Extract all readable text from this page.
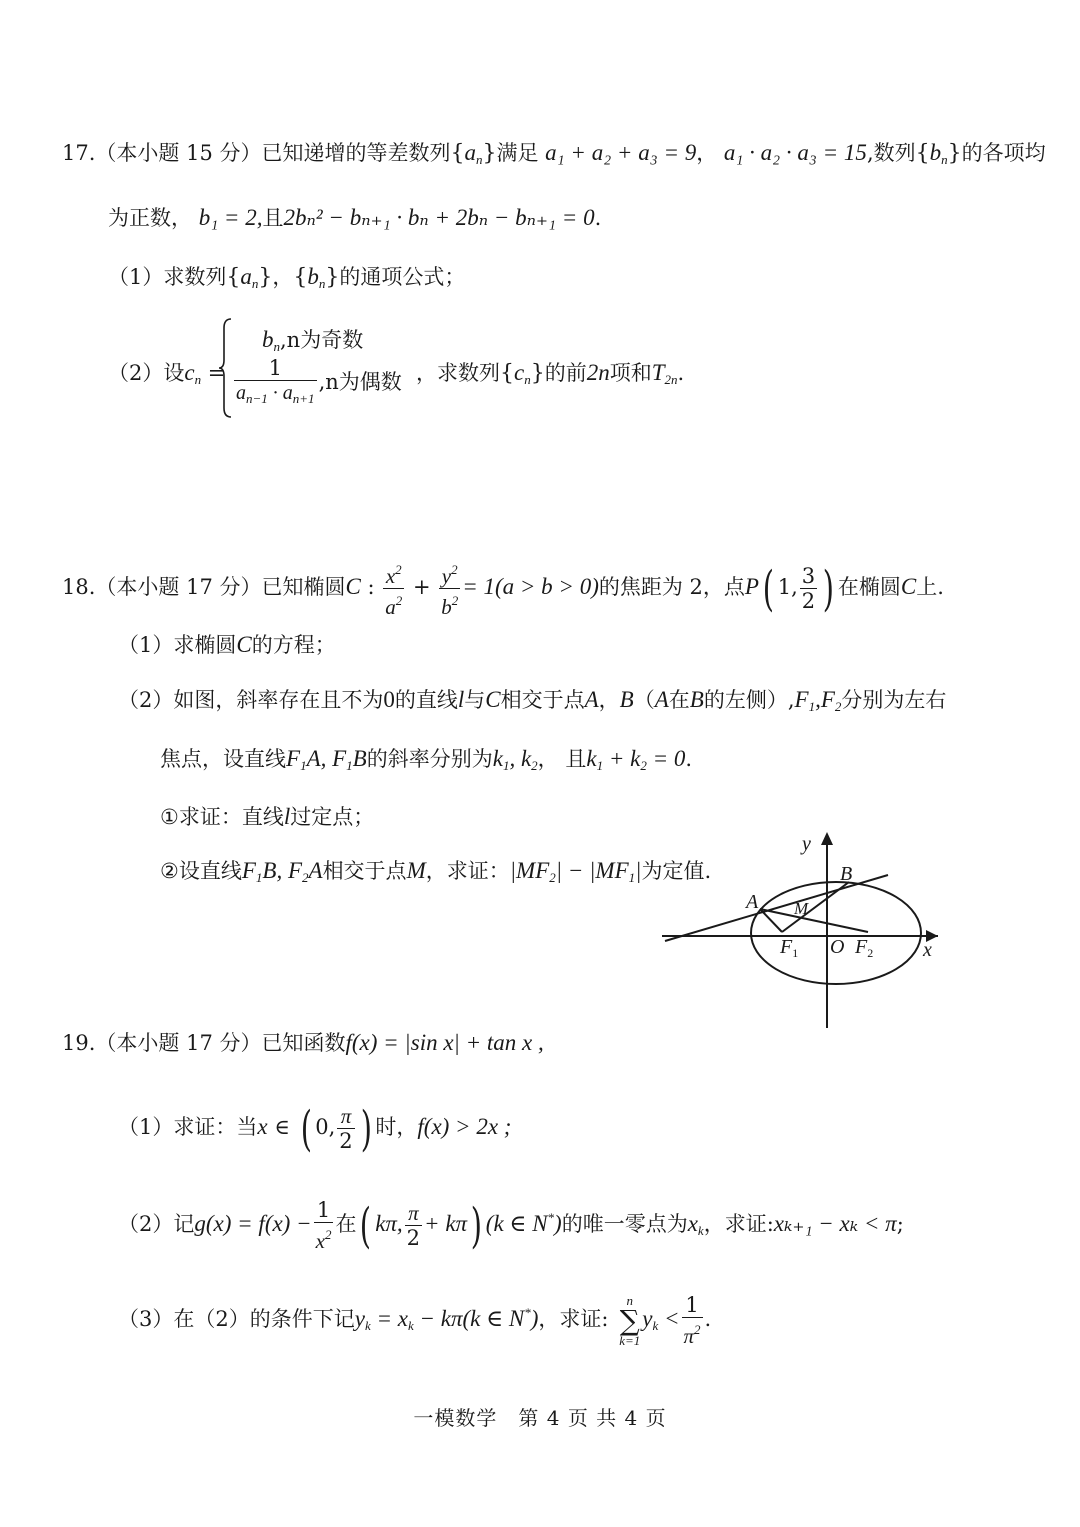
17.（本小题 15 分）已知递增的等差数列$\{a_n\}$满足 a₁ + a₂ + a₃ = 9， a₁ · a₂ · a₃ = 15,数列$\{b_n\}$的各项均
为正数， b₁ = 2,且2bₙ² − bₙ₊₁ · bₙ + 2bₙ − bₙ₊₁ = 0.
（1）求数列$\{a_n\}$，$\{b_n\}$的通项公式；
（2）设$c_n$ =
$b_n,n$为奇数
$\frac{1}{a_{n-1} \cdot a_{n+1}} ,n$为偶数 ，求数列$\{c_n\}$的前2n项和$T_{2n}$.
18.（本小题 17 分）已知椭圆C : $\frac{x^2}{a^2} + \frac{y^2}{b^2} = 1(a > b > 0)$的焦距为 2，点P( 1, $\frac{3}{2}$ ) 在椭圆C上.
（1）求椭圆C的方程；
（2）如图，斜率存在且不为0的直线l与C相交于点A，B（A在B的左侧）$,F_1,F_2$分别为左右
焦点，设直线$F_1A$, $F_1B$的斜率分别为$k_1$, $k_2$， 且$k_1 + k_2 = 0$.
①求证：直线l过定点；
②设直线$F_1B$, $F_2A$相交于点M，求证：$|MF_2| - |MF_1|$为定值.
y
x
O
A
B
M
$F_1$	$F_2$
19.（本小题 17 分）已知函数f(x) = |sin x| + tan x ,
（1）求证：当x ∈ ( 0, $\frac{\pi}{2}$ ) 时，f(x) > 2x ;
（2）记$g(x) = f(x) - \frac{1}{x^2}$ 在( kπ, $\frac{\pi}{2} + k\pi$) (k ∈ N*)的唯一零点为$x_k$，求证:xₖ₊₁ − xₖ < π;
（3）在（2）的条件下记$y_k = x_k - k\pi(k$ ∈ N*)，求证:
n
∑
k=1
$y_k < \frac{1}{\pi^2}$ .
一模数学　第 4 页 共 4 页
